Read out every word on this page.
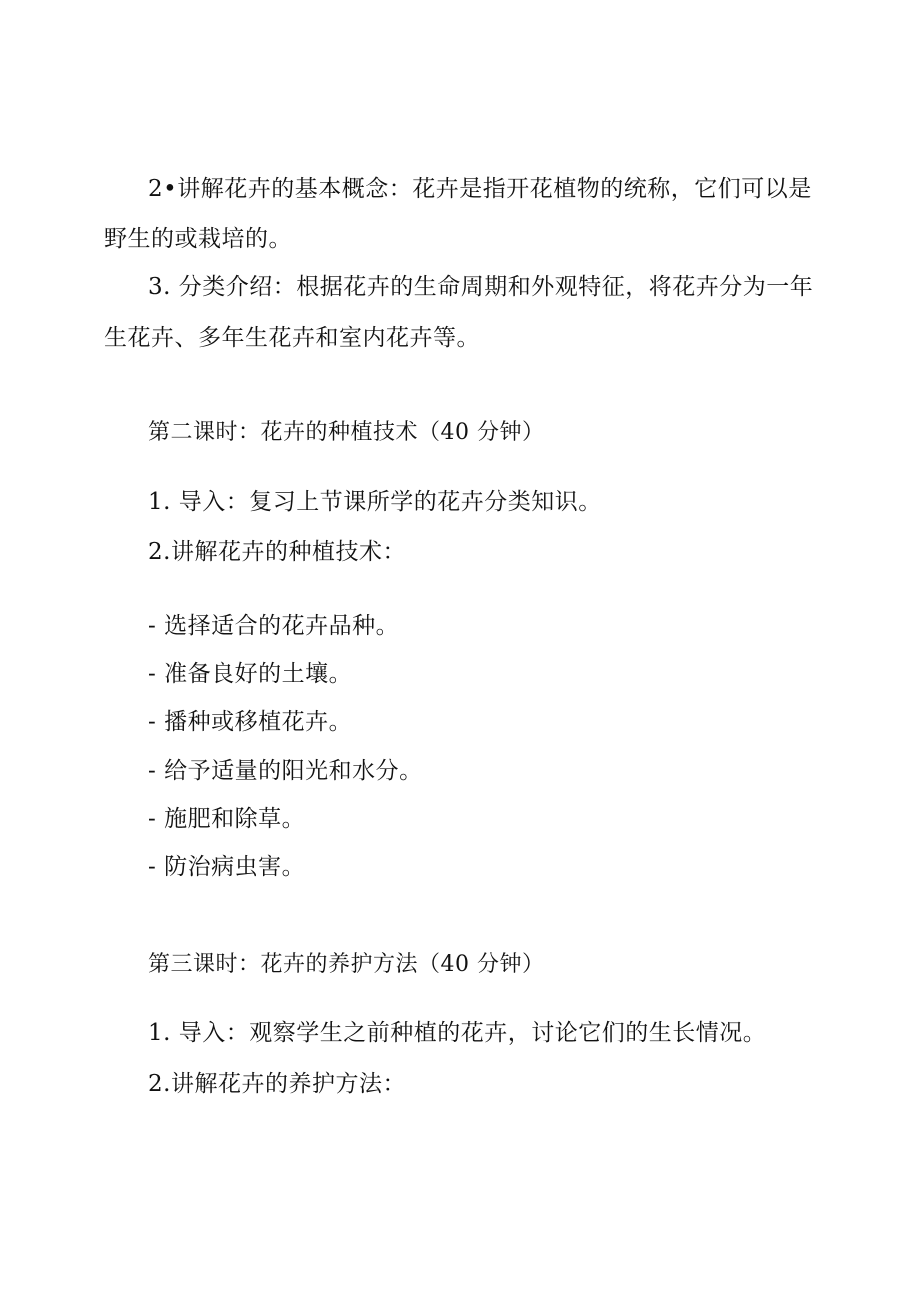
2•讲解花卉的基本概念：花卉是指开花植物的统称，它们可以是

野生的或栽培的。

3. 分类介绍：根据花卉的生命周期和外观特征，将花卉分为一年

生花卉、多年生花卉和室内花卉等。

第二课时：花卉的种植技术（40 分钟）

1. 导入：复习上节课所学的花卉分类知识。

2.讲解花卉的种植技术：

- 选择适合的花卉品种。

- 准备良好的土壤。

- 播种或移植花卉。

- 给予适量的阳光和水分。

- 施肥和除草。

- 防治病虫害。

第三课时：花卉的养护方法（40 分钟）

1. 导入：观察学生之前种植的花卉，讨论它们的生长情况。

2.讲解花卉的养护方法：
